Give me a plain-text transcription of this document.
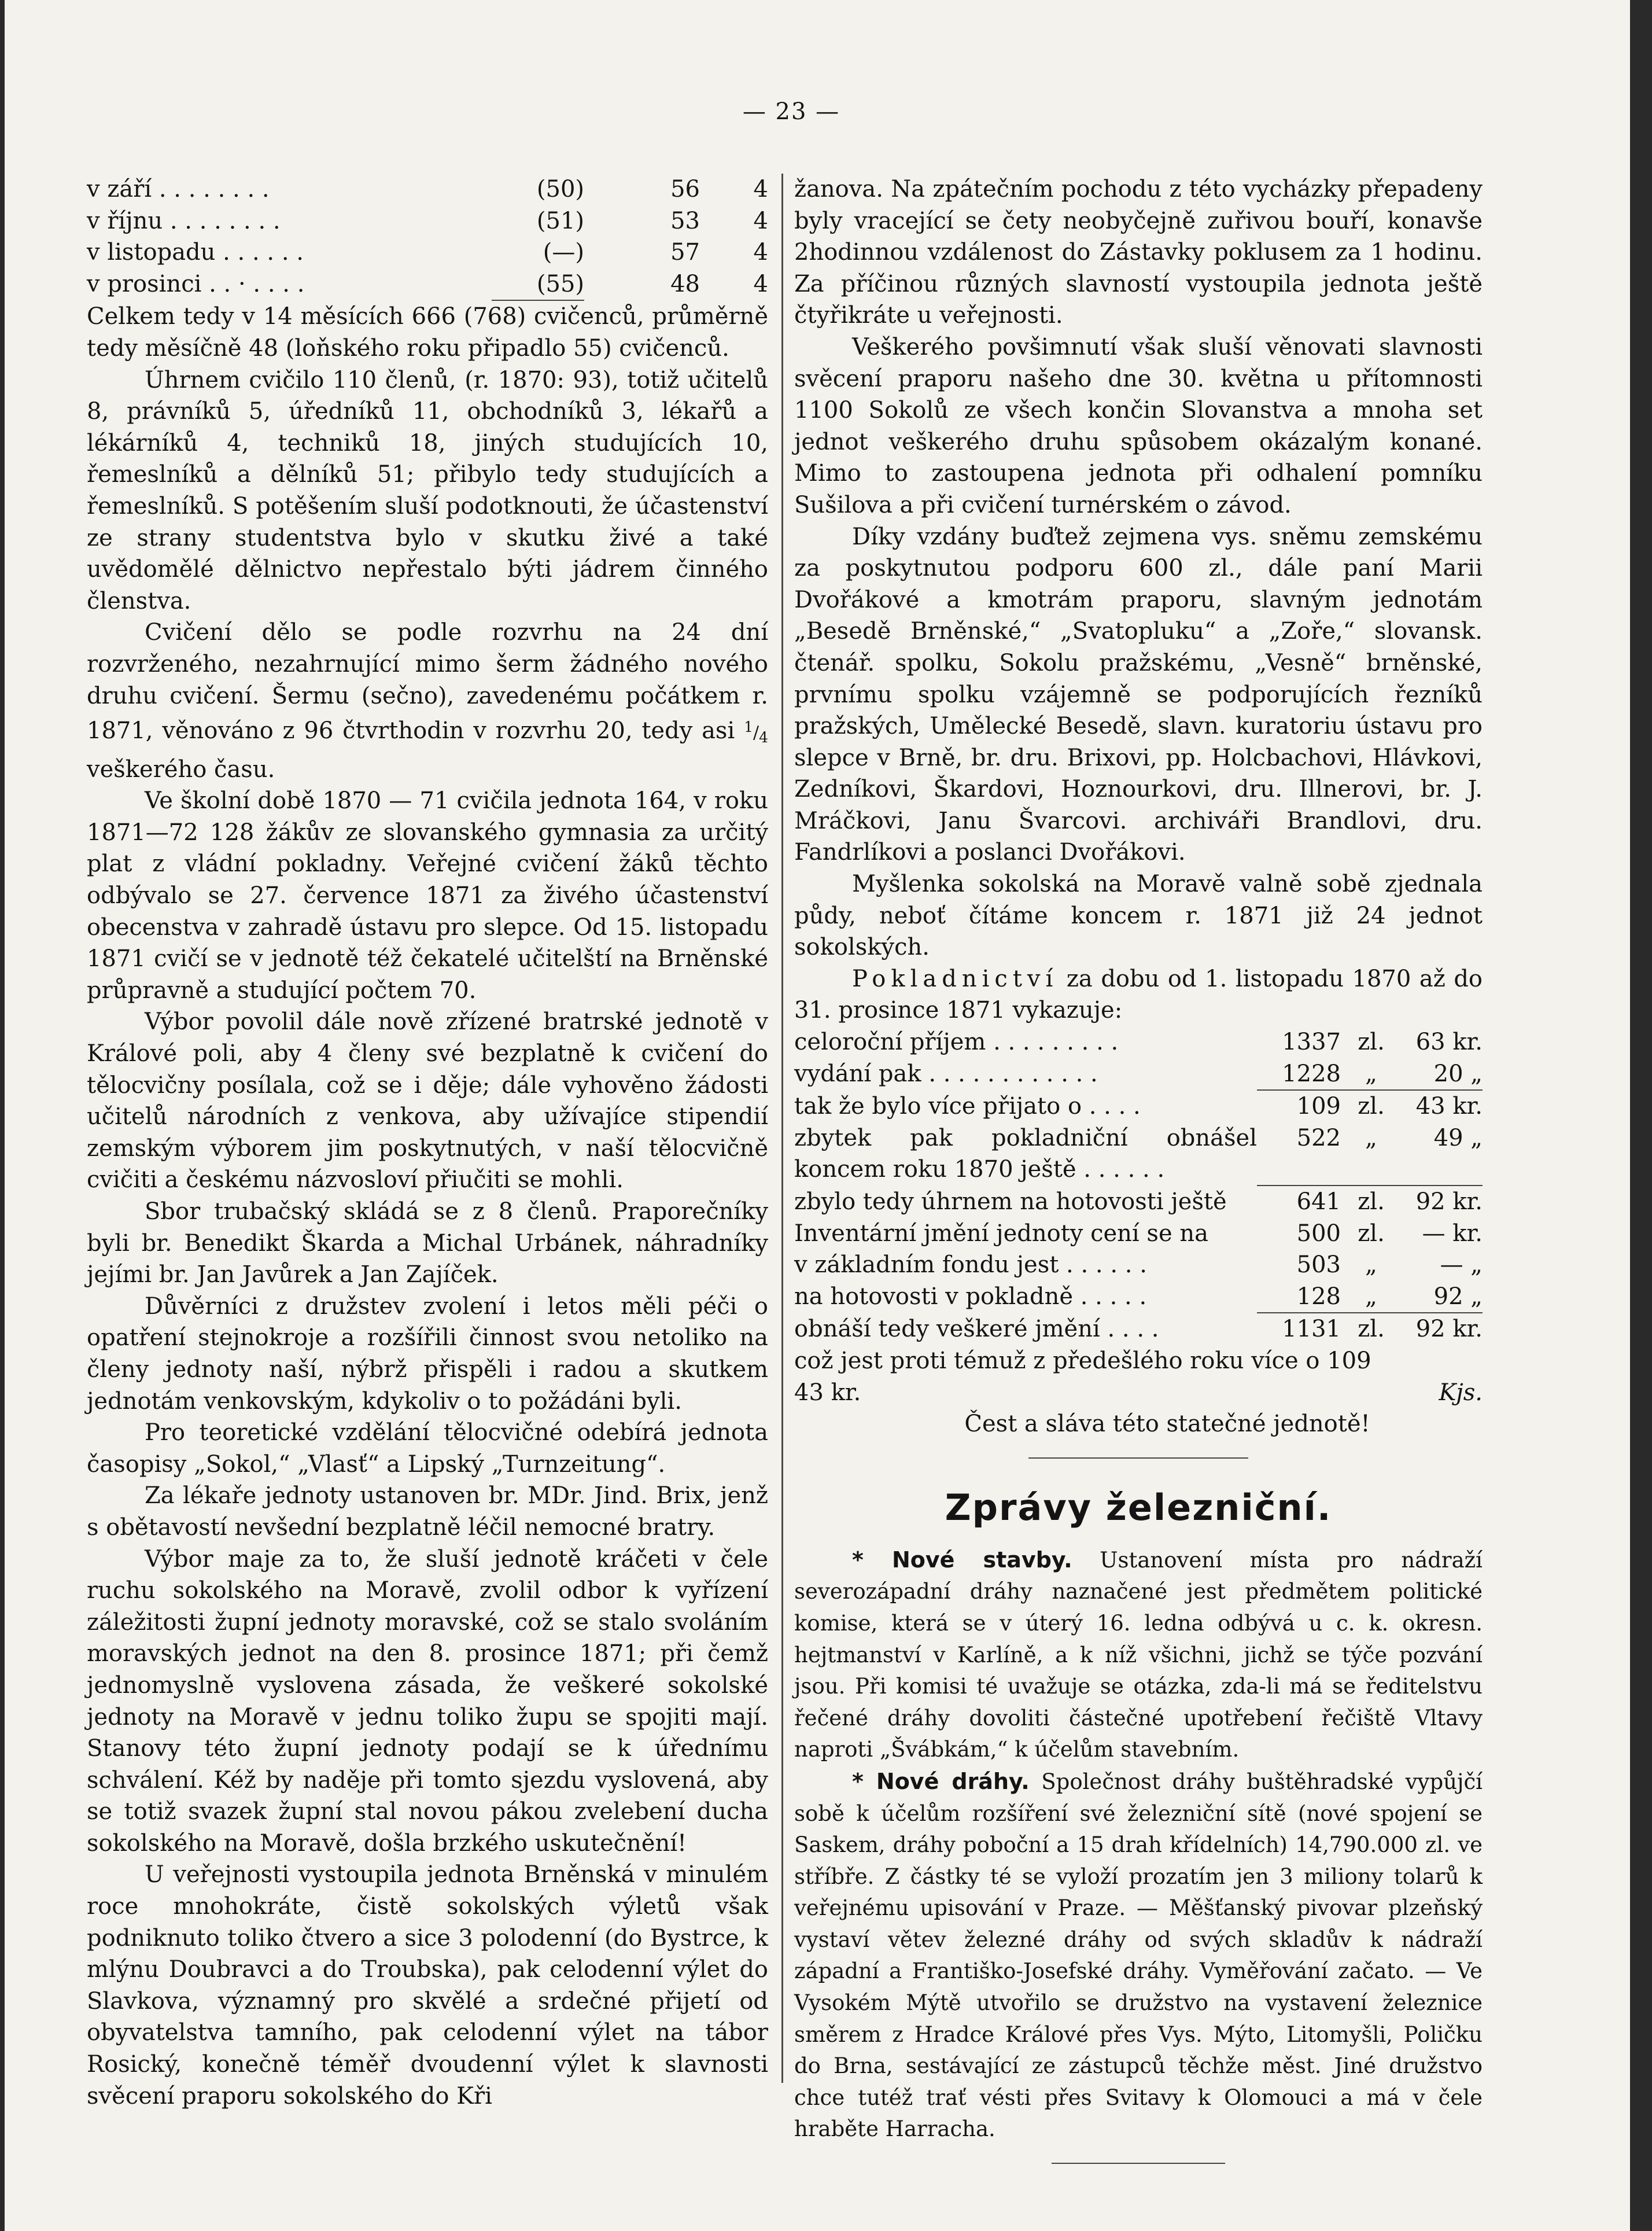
— 23 —
v září . . . . . . . .	(50)	56	4
v říjnu . . . . . . . .	(51)	53	4
v listopadu . . . . . .	(—)	57	4
v prosinci . . · . . . .	(55)	48	4

Celkem tedy v 14 měsících 666 (768) cvičenců, průměrně tedy měsíčně 48 (loňského roku připadlo 55) cvičenců.

Úhrnem cvičilo 110 členů, (r. 1870: 93), totiž učitelů 8, právníků 5, úředníků 11, obchodníků 3, lékařů a lékárníků 4, techniků 18, jiných studujících 10, řemeslníků a dělníků 51; přibylo tedy studujících a řemeslníků. S potěšením sluší podotknouti, že účastenství ze strany studentstva bylo v skutku živé a také uvědomělé dělnictvo nepřestalo býti jádrem činného členstva.

Cvičení dělo se podle rozvrhu na 24 dní rozvrženého, nezahrnující mimo šerm žádného nového druhu cvičení. Šermu (sečno), zavedenému počátkem r. 1871, věnováno z 96 čtvrthodin v rozvrhu 20, tedy asi $^1/_4$ veškerého času.

Ve školní době 1870 — 71 cvičila jednota 164, v roku 1871—72 128 žákův ze slovanského gymnasia za určitý plat z vládní pokladny. Veřejné cvičení žáků těchto odbývalo se 27. července 1871 za živého účastenství obecenstva v zahradě ústavu pro slepce. Od 15. listopadu 1871 cvičí se v jednotě též čekatelé učitelští na Brněnské průpravně a studující počtem 70.

Výbor povolil dále nově zřízené bratrské jednotě v Králové poli, aby 4 členy své bezplatně k cvičení do tělocvičny posílala, což se i děje; dále vyhověno žádosti učitelů národních z venkova, aby užívajíce stipendií zemským výborem jim poskytnutých, v naší tělocvičně cvičiti a českému názvosloví přiučiti se mohli.

Sbor trubačský skládá se z 8 členů. Praporečníky byli br. Benedikt Škarda a Michal Urbánek, náhradníky jejími br. Jan Javůrek a Jan Zajíček.

Důvěrníci z družstev zvolení i letos měli péči o opatření stejnokroje a rozšířili činnost svou netoliko na členy jednoty naší, nýbrž přispěli i radou a skutkem jednotám venkovským, kdykoliv o to požádáni byli.

Pro teoretické vzdělání tělocvičné odebírá jednota časopisy „Sokol,“ „Vlasť“ a Lipský „Turnzeitung“.

Za lékaře jednoty ustanoven br. MDr. Jind. Brix, jenž s obětavostí nevšední bezplatně léčil nemocné bratry.

Výbor maje za to, že sluší jednotě kráčeti v čele ruchu sokolského na Moravě, zvolil odbor k vyřízení záležitosti župní jednoty moravské, což se stalo svoláním moravských jednot na den 8. prosince 1871; při čemž jednomyslně vyslovena zásada, že veškeré sokolské jednoty na Moravě v jednu toliko župu se spojiti mají. Stanovy této župní jednoty podají se k úřednímu schválení. Kéž by naděje při tomto sjezdu vyslovená, aby se totiž svazek župní stal novou pákou zvelebení ducha sokolského na Moravě, došla brzkého uskutečnění!

U veřejnosti vystoupila jednota Brněnská v minulém roce mnohokráte, čistě sokolských výletů však podniknuto toliko čtvero a sice 3 polodenní (do Bystrce, k mlýnu Doubravci a do Troubska), pak celodenní výlet do Slavkova, významný pro skvělé a srdečné přijetí od obyvatelstva tamního, pak celodenní výlet na tábor Rosický, konečně téměř dvoudenní výlet k slavnosti svěcení praporu sokolského do Kři

žanova. Na zpátečním pochodu z této vycházky přepadeny byly vracející se čety neobyčejně zuřivou bouří, konavše 2hodinnou vzdálenost do Zástavky poklusem za 1 hodinu. Za příčinou různých slavností vystoupila jednota ještě čtyřikráte u veřejnosti.

Veškerého povšimnutí však sluší věnovati slavnosti svěcení praporu našeho dne 30. května u přítomnosti 1100 Sokolů ze všech končin Slovanstva a mnoha set jednot veškerého druhu spůsobem okázalým konané. Mimo to zastoupena jednota při odhalení pomníku Sušilova a při cvičení turnérském o závod.

Díky vzdány buďtež zejmena vys. sněmu zemskému za poskytnutou podporu 600 zl., dále paní Marii Dvořákové a kmotrám praporu, slavným jednotám „Besedě Brněnské,“ „Svatopluku“ a „Zoře,“ slovansk. čtenář. spolku, Sokolu pražskému, „Vesně“ brněnské, prvnímu spolku vzájemně se podporujících řezníků pražských, Umělecké Besedě, slavn. kuratoriu ústavu pro slepce v Brně, br. dru. Brixovi, pp. Holcbachovi, Hlávkovi, Zedníkovi, Škardovi, Hoznourkovi, dru. Illnerovi, br. J. Mráčkovi, Janu Švarcovi. archiváři Brandlovi, dru. Fandrlíkovi a poslanci Dvořákovi.

Myšlenka sokolská na Moravě valně sobě zjednala půdy, neboť čítáme koncem r. 1871 již 24 jednot sokolských.

Pokladnictví za dobu od 1. listopadu 1870 až do 31. prosince 1871 vykazuje:

celoroční příjem . . . . . . . . .	1337	zl.	63 kr.
vydání pak . . . . . . . . . . . .	1228	„	20 „
tak že bylo více přijato o . . . .	109	zl.	43 kr.
zbytek pak pokladniční obnášel koncem roku 1870 ještě . . . . . .	522	„	49 „
zbylo tedy úhrnem na hotovosti ještě	641	zl.	92 kr.
Inventární jmění jednoty cení se na	500	zl.	— kr.
v základním fondu jest . . . . . .	503	„	— „
na hotovosti v pokladně . . . . .	128	„	92 „
obnáší tedy veškeré jmění . . . .	1131	zl.	92 kr.

což jest proti témuž z předešlého roku více o 109

43 kr.	Kjs.

Čest a sláva této statečné jednotě!

Zprávy železniční.

* Nové stavby. Ustanovení místa pro nádraží severozápadní dráhy naznačené jest předmětem politické komise, která se v úterý 16. ledna odbývá u c. k. okresn. hejtmanství v Karlíně, a k níž všichni, jichž se týče pozvání jsou. Při komisi té uvažuje se otázka, zda-li má se ředitelstvu řečené dráhy dovoliti částečné upotřebení řečiště Vltavy naproti „Švábkám,“ k účelům stavebním.

* Nové dráhy. Společnost dráhy buštěhradské vypůjčí sobě k účelům rozšíření své železniční sítě (nové spojení se Saskem, dráhy poboční a 15 drah křídelních) 14,790.000 zl. ve stříbře. Z částky té se vyloží prozatím jen 3 miliony tolarů k veřejnému upisování v Praze. — Měšťanský pivovar plzeňský vystaví větev železné dráhy od svých skladův k nádraží západní a Františko-Josefské dráhy. Vyměřování začato. — Ve Vysokém Mýtě utvořilo se družstvo na vystavení železnice směrem z Hradce Králové přes Vys. Mýto, Litomyšli, Poličku do Brna, sestávající ze zástupců těchže měst. Jiné družstvo chce tutéž trať vésti přes Svitavy k Olomouci a má v čele hraběte Harracha.
